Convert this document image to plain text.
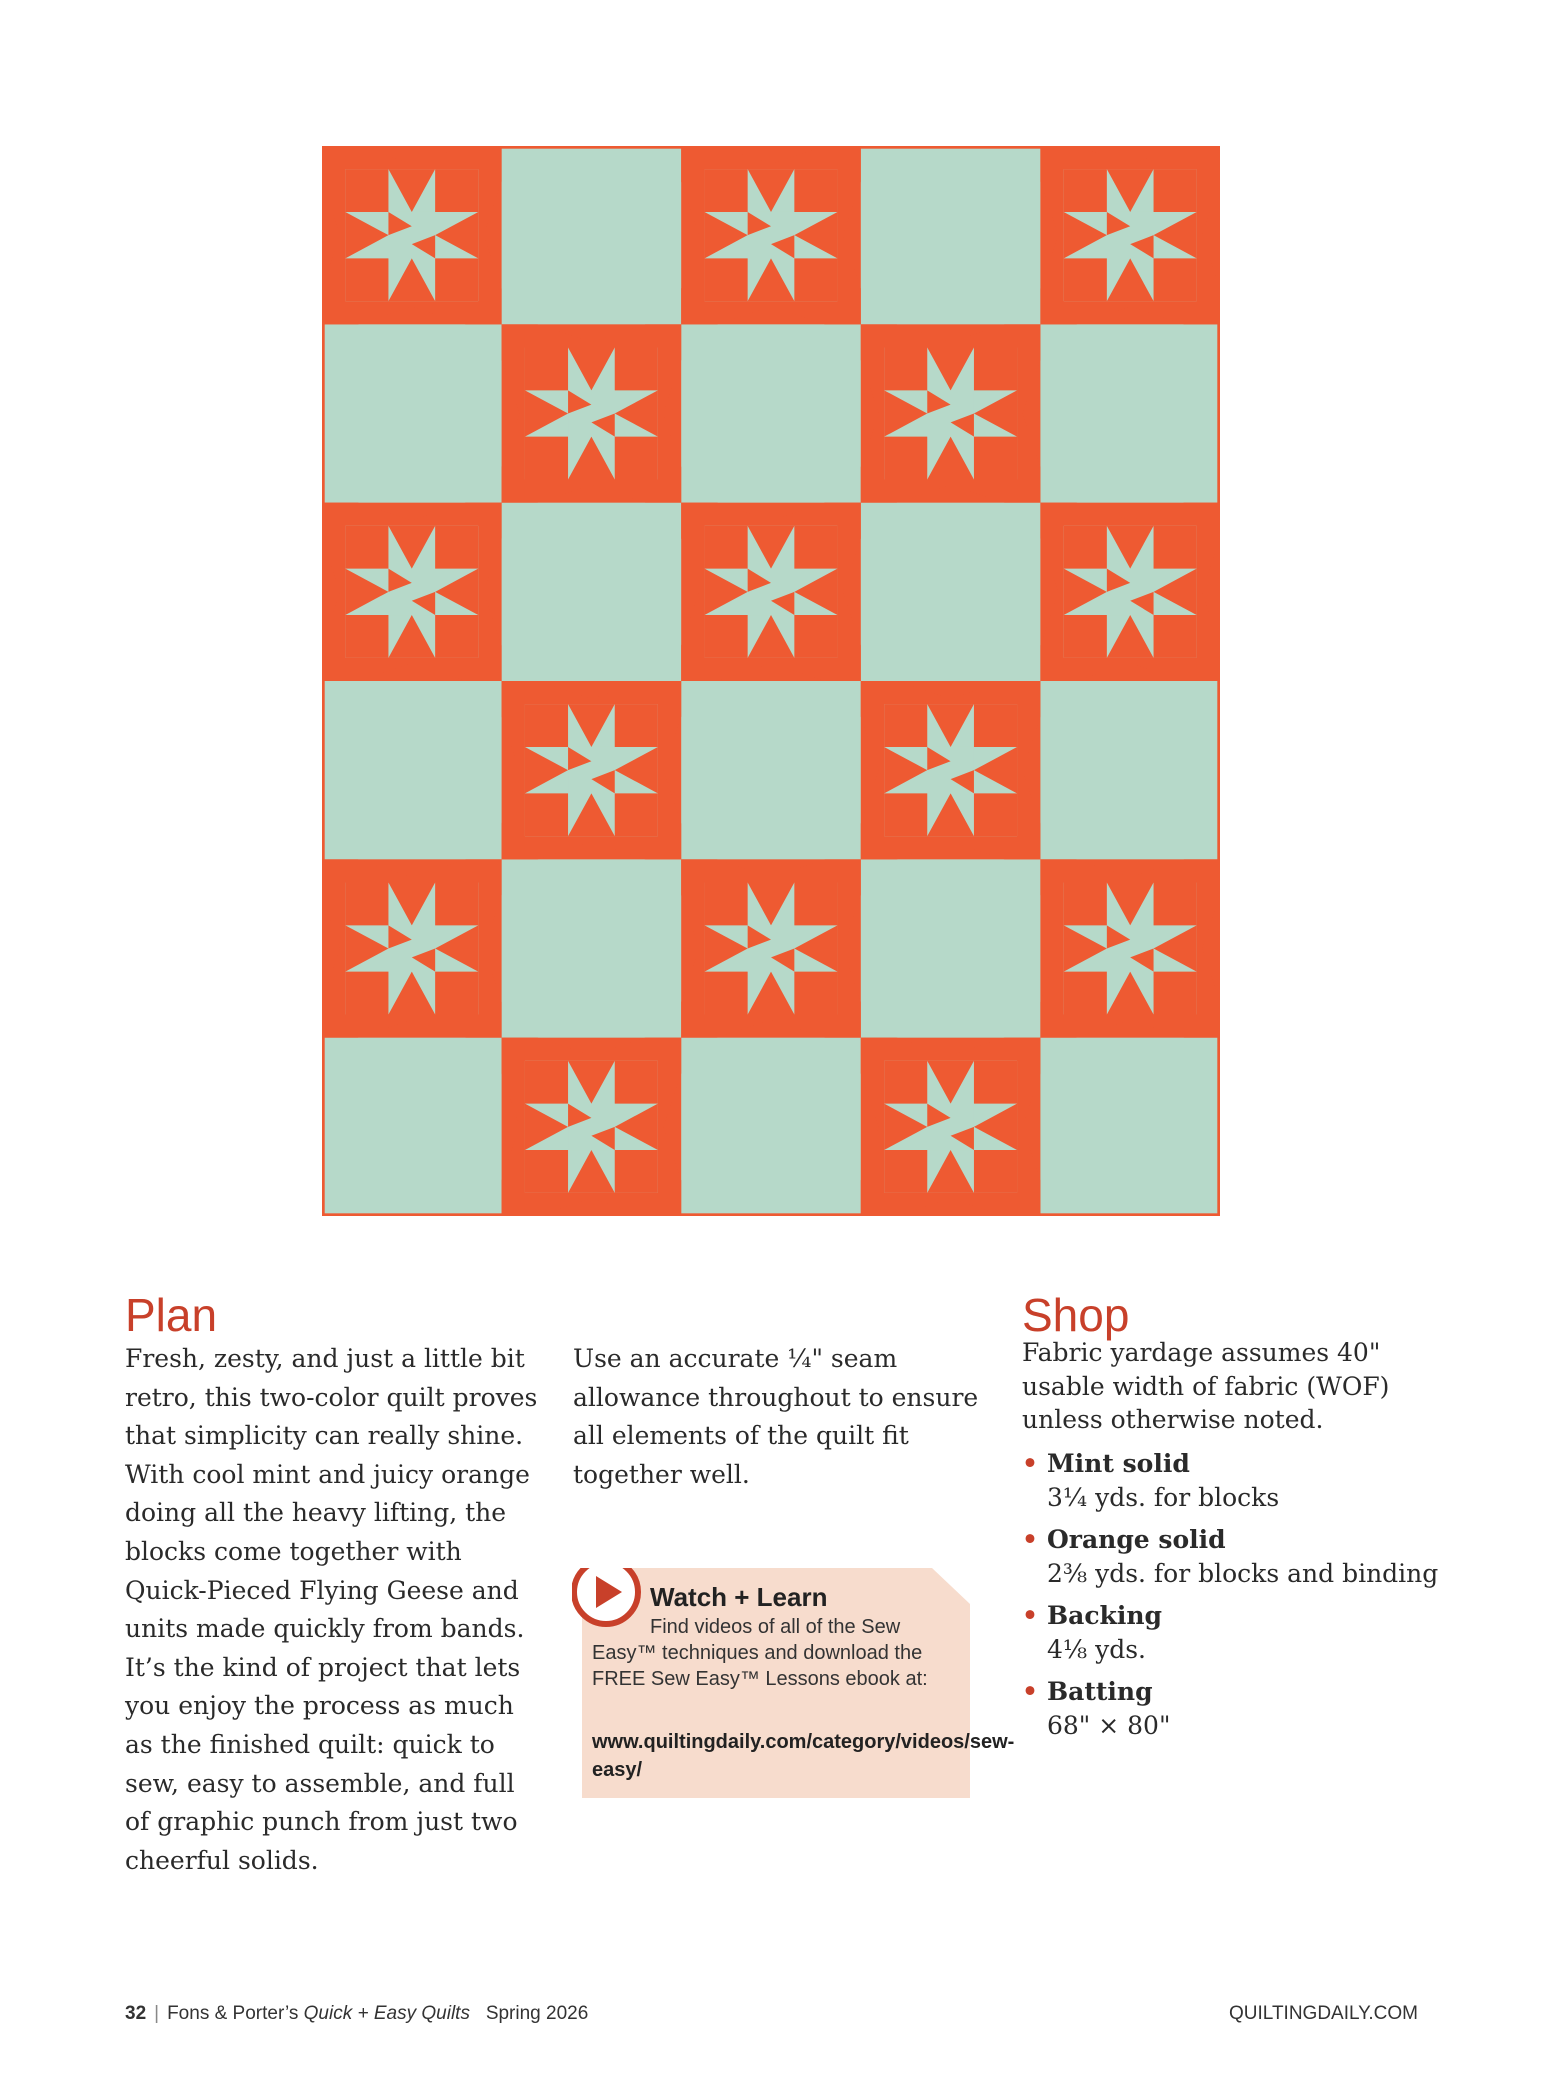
Plan

Fresh, zesty, and just a little bit retro, this two-color quilt proves that simplicity can really shine. With cool mint and juicy orange doing all the heavy lifting, the blocks come together with Quick-Pieced Flying Geese and units made quickly from bands. It’s the kind of project that lets you enjoy the process as much as the finished quilt: quick to sew, easy to assemble, and full of graphic punch from just two cheerful solids.

Use an accurate ¼" seam allowance throughout to ensure all elements of the quilt fit together well.

Watch + Learn
Find videos of all of the Sew Easy™ techniques and download the FREE Sew Easy™ Lessons ebook at:
www.quiltingdaily.com/category/videos/sew-easy/
Shop

Fabric yardage assumes 40" usable width of fabric (WOF) unless otherwise noted.

• Mint solid
3¼ yds. for blocks
• Orange solid
2⅜ yds. for blocks and binding
• Backing
4⅛ yds.
• Batting
68" × 80"
32 | Fons & Porter’s Quick + Easy Quilts Spring 2026	QUILTINGDAILY.COM
